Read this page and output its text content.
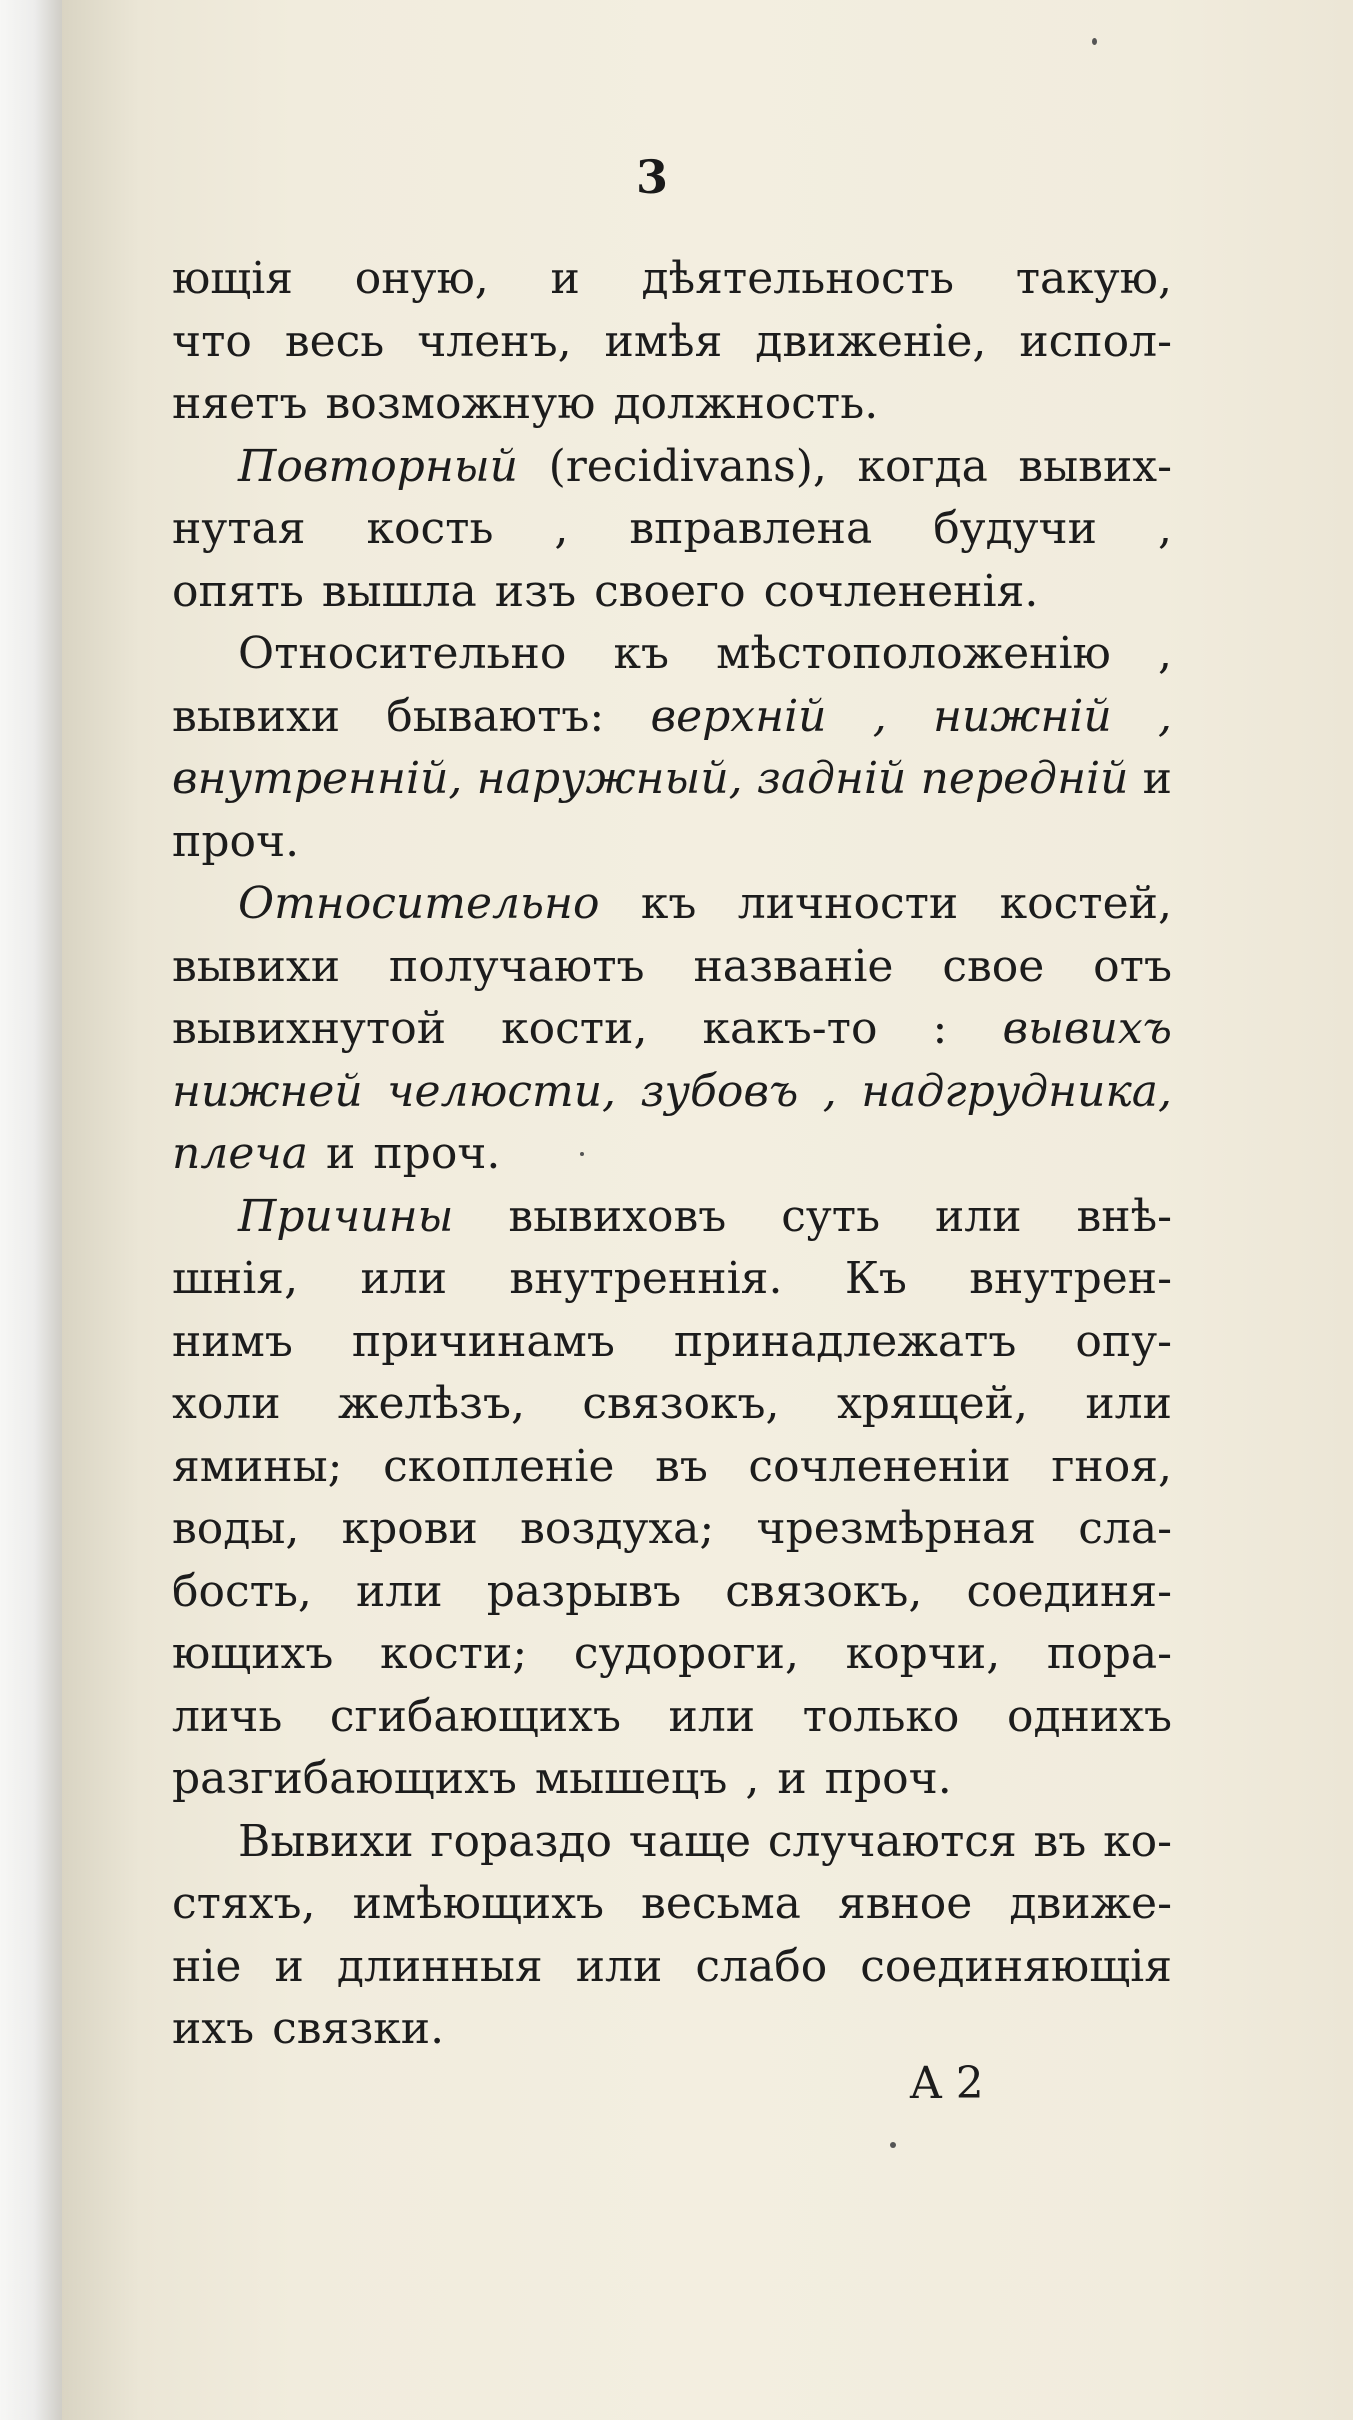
3
ющія оную, и дѣятельность такую,
что весь членъ, имѣя движеніе, испол-
няетъ возможную должность.
Повторный (recidivans), когда вывих-
нутая кость , вправлена будучи ,
опять вышла изъ своего сочлененія.
Относительно къ мѣстоположенію ,
вывихи бываютъ: верхній , нижній ,
внутренній, наружный, задній передній и
проч.
Относительно къ личности костей,
вывихи получаютъ названіе свое отъ
вывихнутой кости, какъ-то : вывихъ
нижней челюсти, зубовъ , надгрудника,
плеча и проч.
Причины вывиховъ суть или внѣ-
шнія, или внутреннія. Къ внутрен-
нимъ причинамъ принадлежатъ опу-
холи желѣзъ, связокъ, хрящей, или
ямины; скопленіе въ сочлененіи гноя,
воды, крови воздуха; чрезмѣрная сла-
бость, или разрывъ связокъ, соединя-
ющихъ кости; судороги, корчи, пора-
личь сгибающихъ или только однихъ
разгибающихъ мышецъ , и проч.
Вывихи гораздо чаще случаются въ ко-
стяхъ, имѣющихъ весьма явное движе-
ніе и длинныя или слабо соединяющія
ихъ связки.
A 2
